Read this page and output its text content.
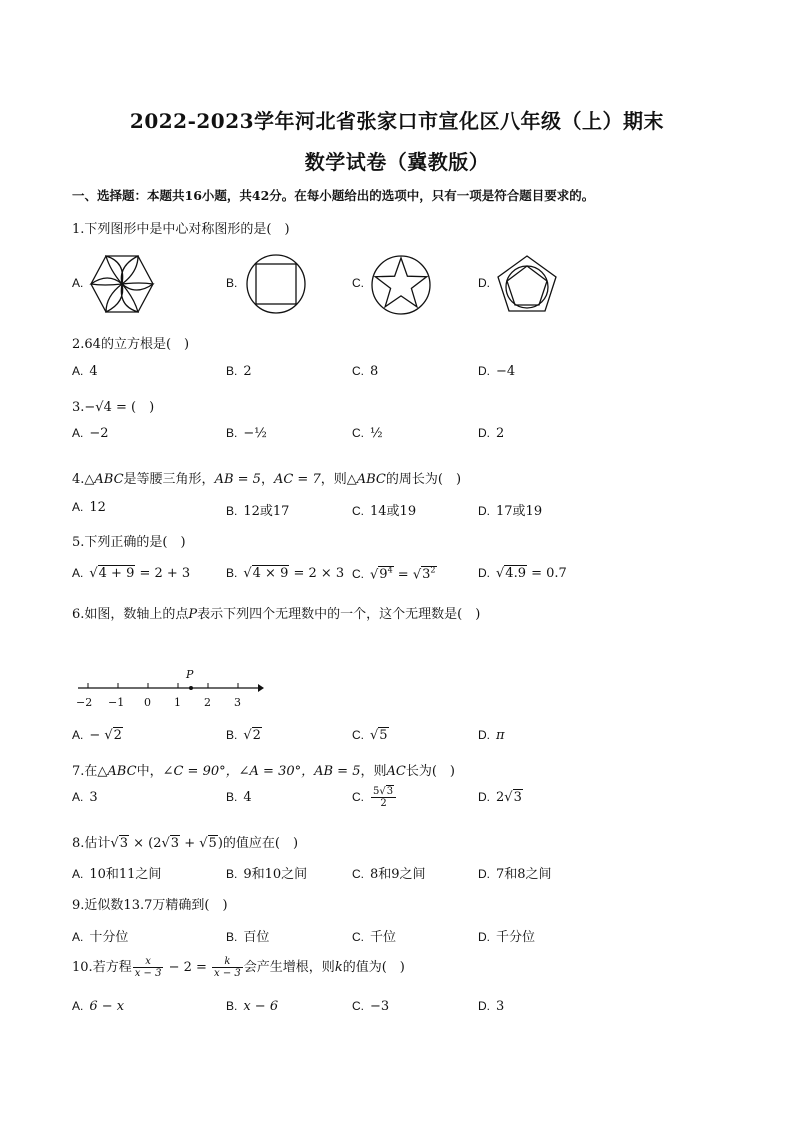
2022-2023学年河北省张家口市宣化区八年级（上）期末
数学试卷（冀教版）
一、选择题：本题共16小题，共42分。在每小题给出的选项中，只有一项是符合题目要求的。
1.下列图形中是中心对称图形的是(　)
A.	B.	C.	D.
2.64的立方根是(　)
A. 4	B. 2	C. 8	D. −4
3.−√4 = (　)
A. −2	B. −½	C. ½	D. 2
4.△ABC是等腰三角形，AB = 5，AC = 7，则△ABC的周长为(　)
A. 12	B. 12或17	C. 14或19	D. 17或19
5.下列正确的是(　)
A. √4 + 9 = 2 + 3	B. √4 × 9 = 2 × 3 C. $√9^4 = √3^2$	D. √4.9 = 0.7
6.如图，数轴上的点P表示下列四个无理数中的一个，这个无理数是(　)
P
−2 −1 0 1 2 3
A. − √2	B. √2	C. √5	D. π
7.在△ABC中，∠C = 90°，∠A = 30°，AB = 5，则AC长为(　)
A. 3	B. 4	C. $\frac{5√3}{2}$	D. 2√3
8.估计√3 × (2√3 + √5)的值应在(　)
A. 10和11之间	B. 9和10之间	C. 8和9之间	D. 7和8之间
9.近似数13.7万精确到(　)
A. 十分位	B. 百位	C. 千位	D. 千分位
10.若方程 $\frac{x}{x - 3} - 2 = \frac{k}{x - 3}$ 会产生增根，则k的值为(　)
A. 6 − x	B. x − 6	C. −3	D. 3
